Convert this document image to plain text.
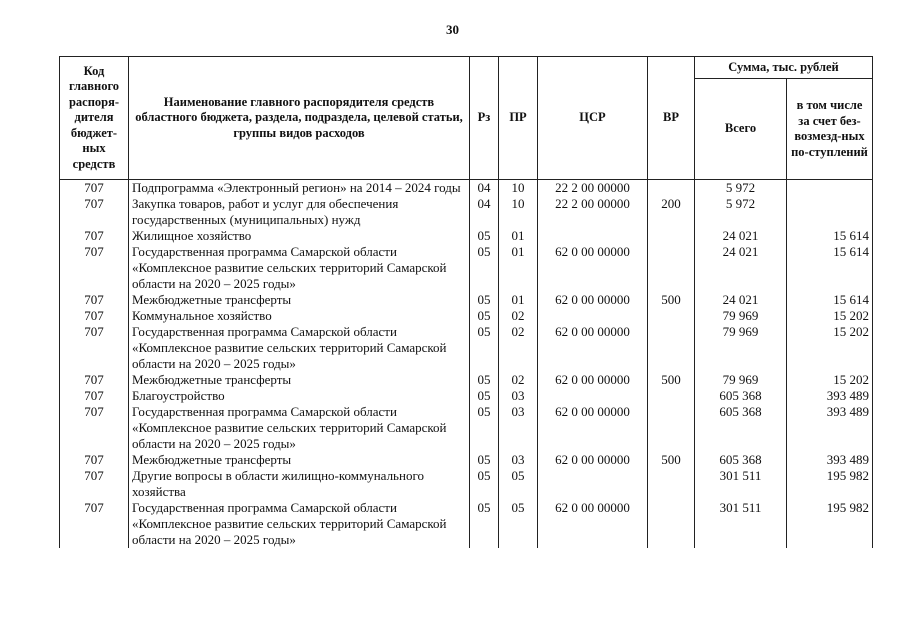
30
Код главного распоря-дителя бюджет-ных средств	Наименование главного распорядителя средств областного бюджета, раздела, подраздела, целевой статьи, группы видов расходов	Рз	ПР	ЦСР	ВР	Сумма, тыс. рублей	
						Всего	в том числе за счет без-возмезд-ных по-ступлений
707	Подпрограмма «Электронный регион» на 2014 – 2024 годы	04	10	22 2 00 00000		5 972	
707	Закупка товаров, работ и услуг для обеспечения государственных (муниципальных) нужд	04	10	22 2 00 00000	200	5 972	
707	Жилищное хозяйство	05	01			24 021	15 614
707	Государственная программа Самарской области «Комплексное развитие сельских территорий Самарской области на 2020 – 2025 годы»	05	01	62 0 00 00000		24 021	15 614
707	Межбюджетные трансферты	05	01	62 0 00 00000	500	24 021	15 614
707	Коммунальное хозяйство	05	02			79 969	15 202
707	Государственная программа Самарской области «Комплексное развитие сельских территорий Самарской области на 2020 – 2025 годы»	05	02	62 0 00 00000		79 969	15 202
707	Межбюджетные трансферты	05	02	62 0 00 00000	500	79 969	15 202
707	Благоустройство	05	03			605 368	393 489
707	Государственная программа Самарской области «Комплексное развитие сельских территорий Самарской области на 2020 – 2025 годы»	05	03	62 0 00 00000		605 368	393 489
707	Межбюджетные трансферты	05	03	62 0 00 00000	500	605 368	393 489
707	Другие вопросы в области жилищно-коммунального хозяйства	05	05			301 511	195 982
707	Государственная программа Самарской области «Комплексное развитие сельских территорий Самарской области на 2020 – 2025 годы»	05	05	62 0 00 00000		301 511	195 982
